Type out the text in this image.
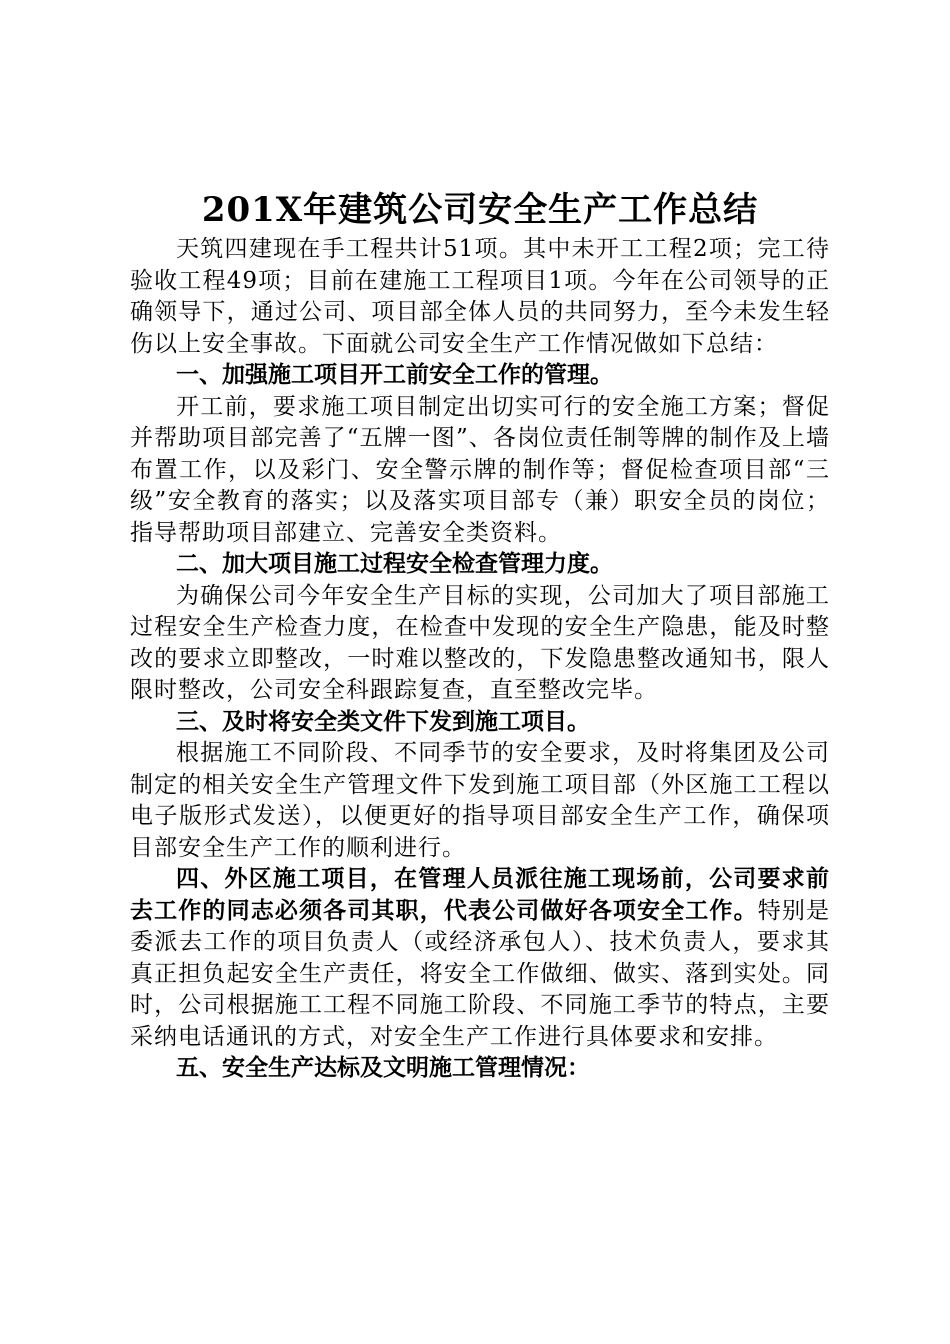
201X年建筑公司安全生产工作总结

天筑四建现在手工程共计51项。其中未开工工程2项；完工待验收工程49项；目前在建施工工程项目1项。今年在公司领导的正确领导下，通过公司、项目部全体人员的共同努力，至今未发生轻伤以上安全事故。下面就公司安全生产工作情况做如下总结：

一、加强施工项目开工前安全工作的管理。

开工前，要求施工项目制定出切实可行的安全施工方案；督促并帮助项目部完善了“五牌一图”、各岗位责任制等牌的制作及上墙布置工作，以及彩门、安全警示牌的制作等；督促检查项目部“三级”安全教育的落实；以及落实项目部专（兼）职安全员的岗位；指导帮助项目部建立、完善安全类资料。

二、加大项目施工过程安全检查管理力度。

为确保公司今年安全生产目标的实现，公司加大了项目部施工过程安全生产检查力度，在检查中发现的安全生产隐患，能及时整改的要求立即整改，一时难以整改的，下发隐患整改通知书，限人限时整改，公司安全科跟踪复查，直至整改完毕。

三、及时将安全类文件下发到施工项目。

根据施工不同阶段、不同季节的安全要求，及时将集团及公司制定的相关安全生产管理文件下发到施工项目部（外区施工工程以电子版形式发送），以便更好的指导项目部安全生产工作，确保项目部安全生产工作的顺利进行。

四、外区施工项目，在管理人员派往施工现场前，公司要求前去工作的同志必须各司其职，代表公司做好各项安全工作。特别是委派去工作的项目负责人（或经济承包人）、技术负责人，要求其真正担负起安全生产责任，将安全工作做细、做实、落到实处。同时，公司根据施工工程不同施工阶段、不同施工季节的特点，主要采纳电话通讯的方式，对安全生产工作进行具体要求和安排。

五、安全生产达标及文明施工管理情况：
